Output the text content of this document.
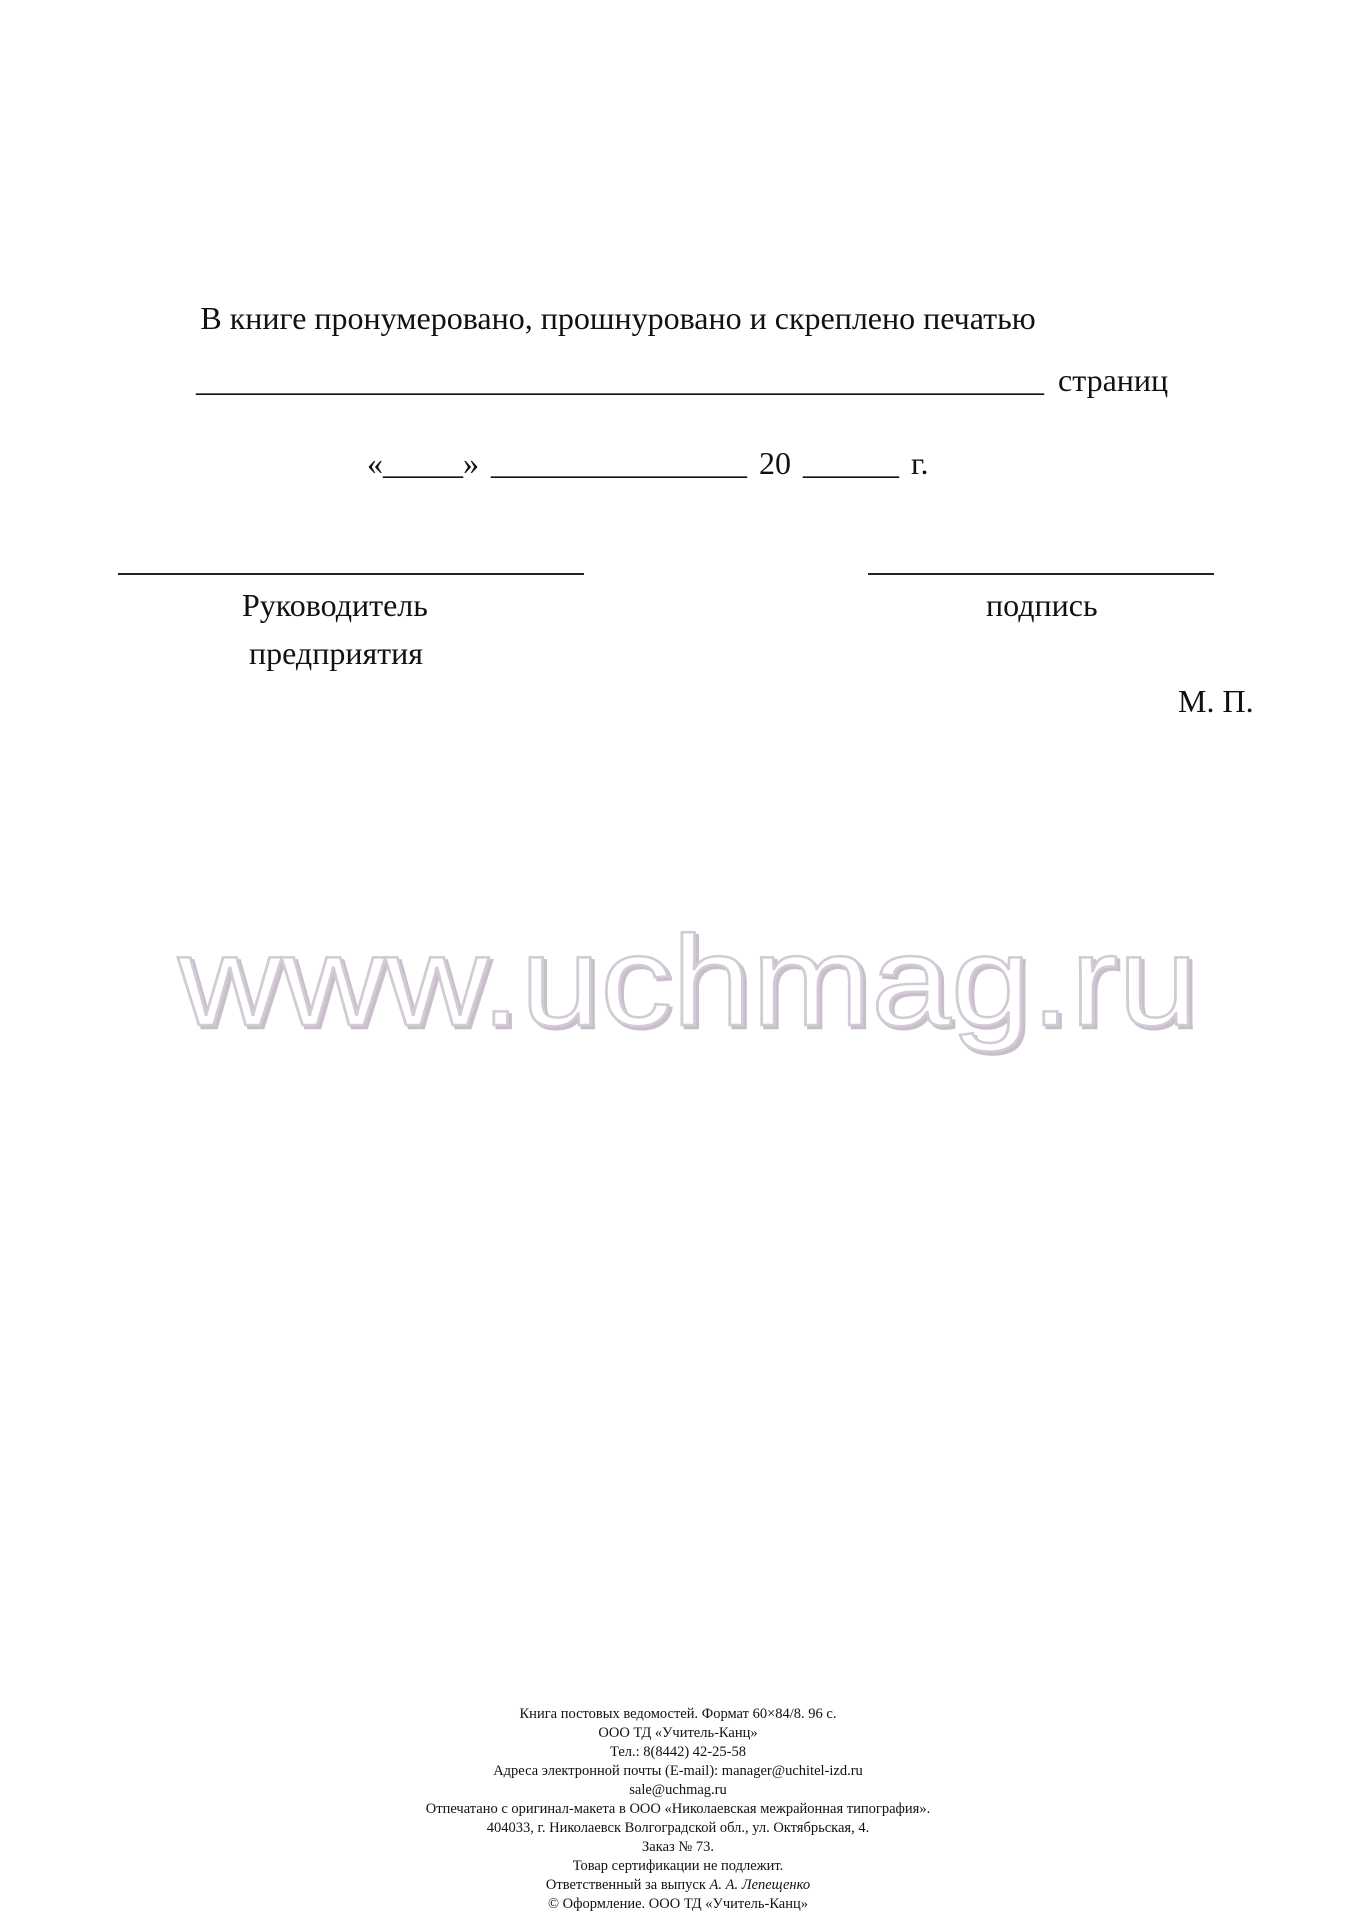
В книге пронумеровано, прошнуровано и скреплено печатью
_____________________________________________________ страниц
«_____» ________________ 20 ______ г.
Руководитель
предприятия
подпись
М. П.
www.uchmag.ru
Книга постовых ведомостей. Формат 60×84/8. 96 с.
ООО ТД «Учитель-Канц»
Тел.: 8(8442) 42-25-58
Адреса электронной почты (E-mail): manager@uchitel-izd.ru
sale@uchmag.ru
Отпечатано с оригинал-макета в ООО «Николаевская межрайонная типография».
404033, г. Николаевск Волгоградской обл., ул. Октябрьская, 4.
Заказ № 73.
Товар сертификации не подлежит.
Ответственный за выпуск А. А. Лепещенко
© Оформление. ООО ТД «Учитель-Канц»
